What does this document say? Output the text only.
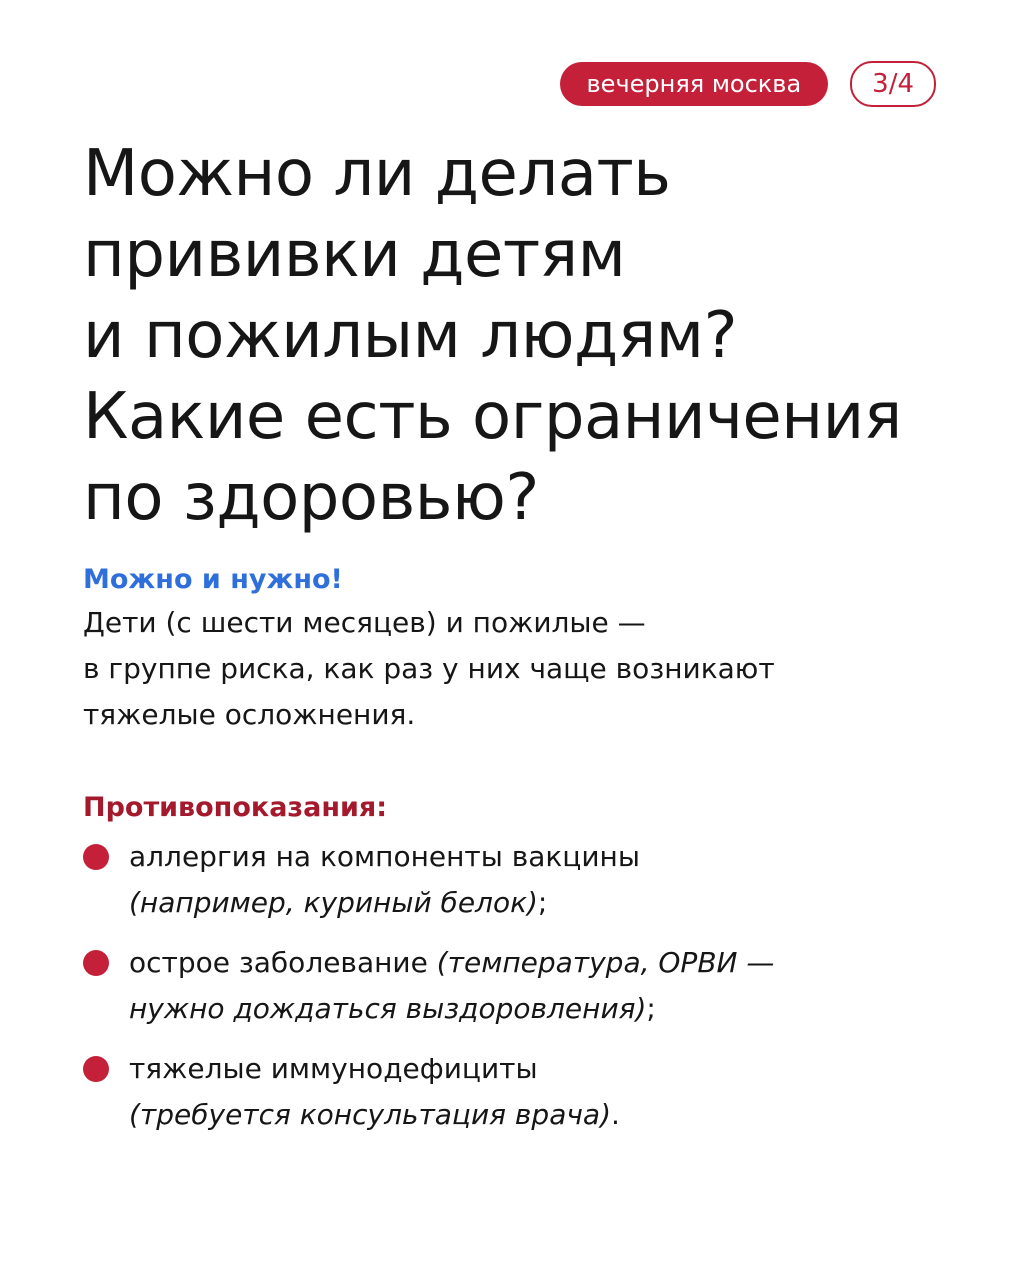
вечерняя москва	3/4
Можно ли делать
прививки детям
и пожилым людям?
Какие есть ограничения
по здоровью?

Можно и нужно!

Дети (с шести месяцев) и пожилые —
в группе риска, как раз у них чаще возникают
тяжелые осложнения.

Противопоказания:

аллергия на компоненты вакцины
(например, куриный белок);
острое заболевание (температура, ОРВИ —
нужно дождаться выздоровления);
тяжелые иммунодефициты
(требуется консультация врача).
